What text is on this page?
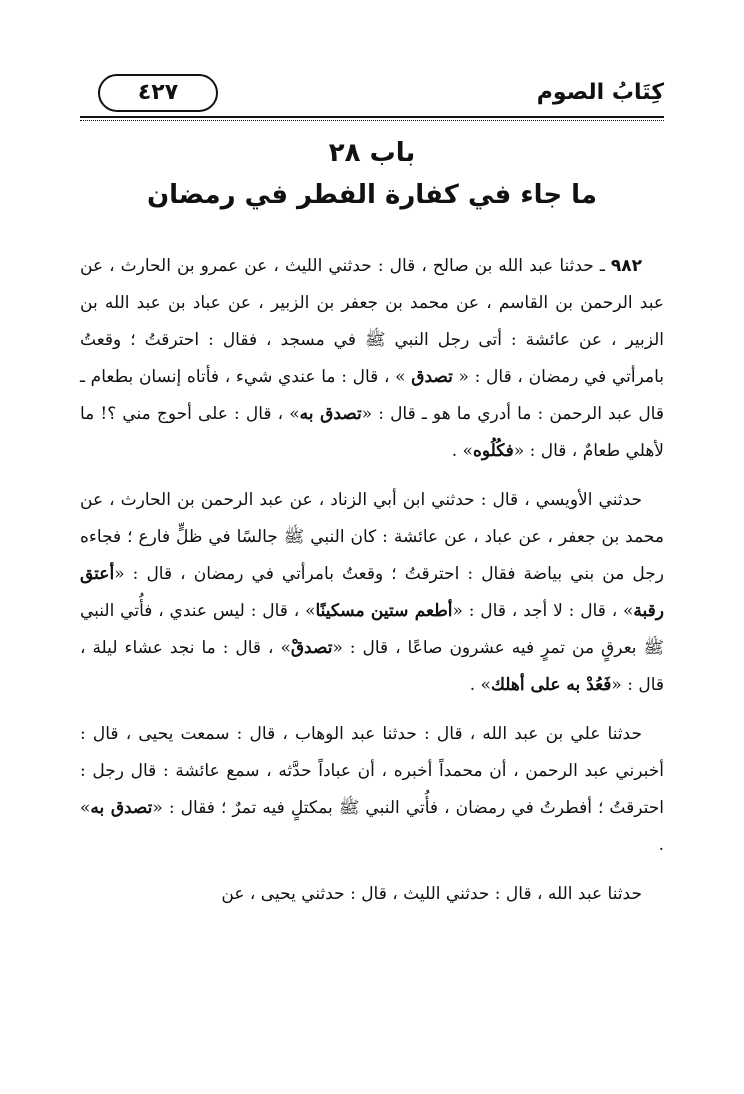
كِتَابُ الصوم
٤٢٧
باب ٢٨
ما جاء في كفارة الفطر في رمضان

٩٨٢ ـ حدثنا عبد الله بن صالح ، قال : حدثني الليث ، عن عمرو بن الحارث ، عن عبد الرحمن بن القاسم ، عن محمد بن جعفر بن الزبير ، عن عباد بن عبد الله بن الزبير ، عن عائشة : أتى رجل النبي ﷺ في مسجد ، فقال : احترقتُ ؛ وقعتُ بامرأتي في رمضان ، قال : « تصدق » ، قال : ما عندي شيء ، فأتاه إنسان بطعام ـ قال عبد الرحمن : ما أدري ما هو ـ قال : «تصدق به» ، قال : على أحوج مني ؟! ما لأهلي طعامٌ ، قال : «فكُلُوه» .

حدثني الأويسي ، قال : حدثني ابن أبي الزناد ، عن عبد الرحمن بن الحارث ، عن محمد بن جعفر ، عن عباد ، عن عائشة : كان النبي ﷺ جالسًا في ظلٍّ فارع ؛ فجاءه رجل من بني بياضة فقال : احترقتُ ؛ وقعتُ بامرأتي في رمضان ، قال : «أعتق رقبة» ، قال : لا أجد ، قال : «أطعم ستين مسكينًا» ، قال : ليس عندي ، فأُتي النبي ﷺ بعرقٍ من تمرٍ فيه عشرون صاعًا ، قال : «تصدقْ» ، قال : ما نجد عشاء ليلة ، قال : «فَعُدْ به على أهلك» .

حدثنا علي بن عبد الله ، قال : حدثنا عبد الوهاب ، قال : سمعت يحيى ، قال : أخبرني عبد الرحمن ، أن محمداً أخبره ، أن عباداً حدَّثه ، سمع عائشة : قال رجل : احترقتُ ؛ أفطرتُ في رمضان ، فأُتي النبي ﷺ بمكتلٍ فيه تمرٌ ؛ فقال : «تصدق به» .

حدثنا عبد الله ، قال : حدثني الليث ، قال : حدثني يحيى ، عن
